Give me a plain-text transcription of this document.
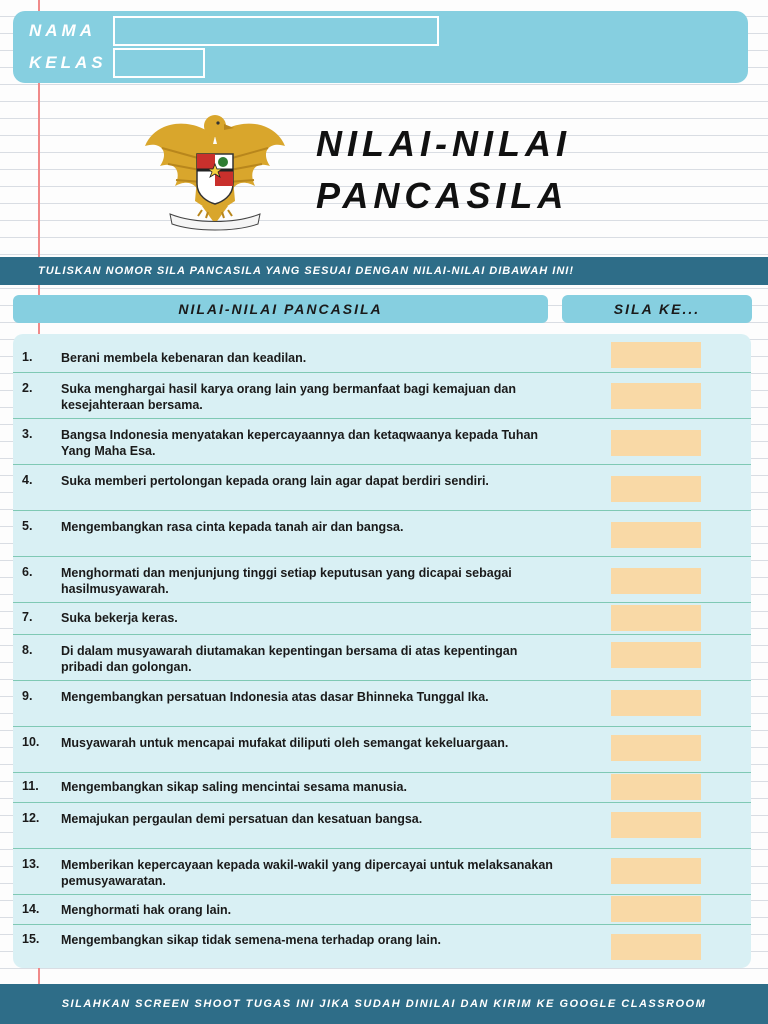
NAMA
KELAS
NILAI-NILAI
PANCASILA
TULISKAN NOMOR SILA PANCASILA YANG SESUAI DENGAN NILAI-NILAI DIBAWAH INI!
NILAI-NILAI PANCASILA	SILA KE...
1.	Berani membela kebenaran dan keadilan.
2.	Suka menghargai hasil karya orang lain yang bermanfaat bagi kemajuan dan kesejahteraan bersama.
3.	Bangsa Indonesia menyatakan kepercayaannya dan ketaqwaanya kepada Tuhan Yang Maha Esa.
4.	Suka memberi pertolongan kepada orang lain agar dapat berdiri sendiri.
5.	Mengembangkan rasa cinta kepada tanah air dan bangsa.
6.	Menghormati dan menjunjung tinggi setiap keputusan yang dicapai sebagai hasilmusyawarah.
7.	Suka bekerja keras.
8.	Di dalam musyawarah diutamakan kepentingan bersama di atas kepentingan pribadi dan golongan.
9.	Mengembangkan persatuan Indonesia atas dasar Bhinneka Tunggal Ika.
10.	Musyawarah untuk mencapai mufakat diliputi oleh semangat kekeluargaan.
11.	Mengembangkan sikap saling mencintai sesama manusia.
12.	Memajukan pergaulan demi persatuan dan kesatuan bangsa.
13.	Memberikan kepercayaan kepada wakil-wakil yang dipercayai untuk melaksanakan pemusyawaratan.
14.	Menghormati hak orang lain.
15.	Mengembangkan sikap tidak semena-mena terhadap orang lain.
SILAHKAN SCREEN SHOOT TUGAS INI JIKA SUDAH DINILAI DAN KIRIM KE GOOGLE CLASSROOM
